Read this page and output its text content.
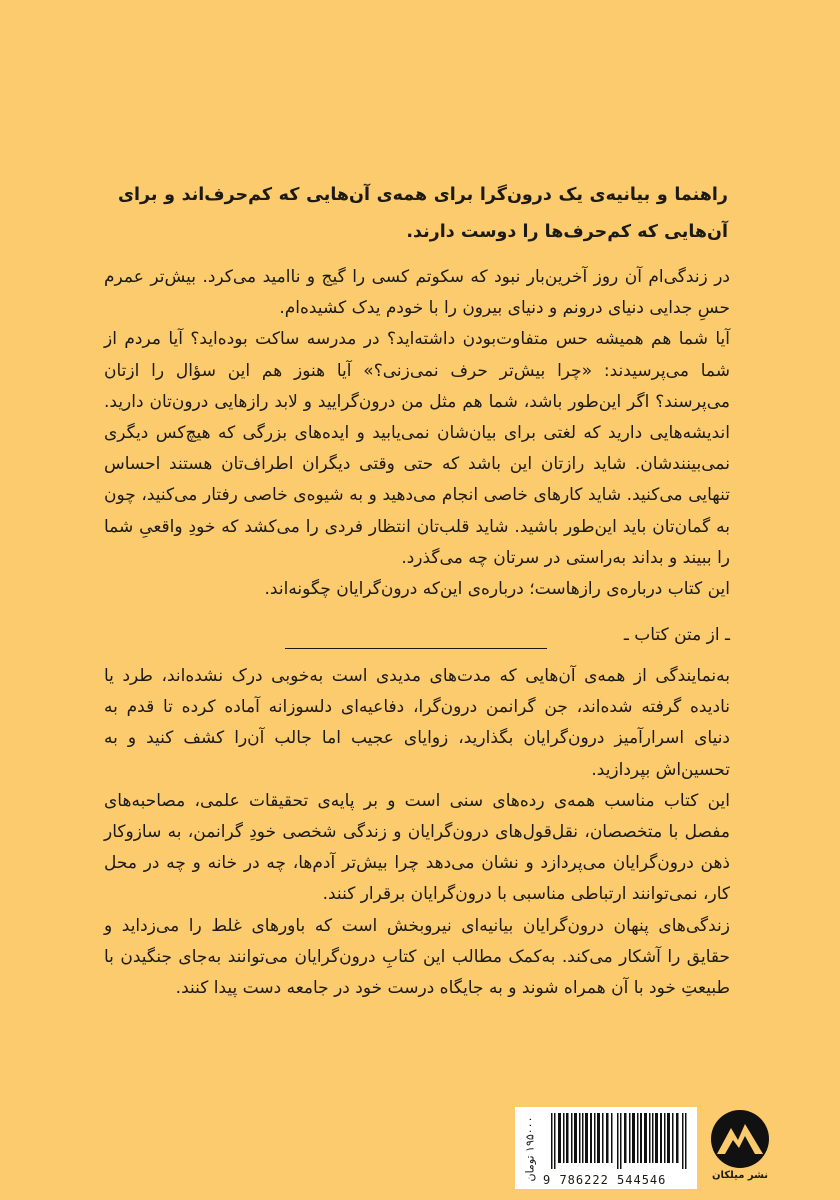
راهنما و بیانیه‌ی یک درون‌گرا برای همه‌ی آن‌هایی که کم‌حرف‌اند و برای آن‌هایی که کم‌حرف‌ها را دوست دارند.

در زندگی‌ام آن روز آخرین‌بار نبود که سکوتم کسی را گیج و ناامید می‌کرد. بیش‌تر عمرم حسِ جدایی دنیای درونم و دنیای بیرون را با خودم یدک کشیده‌ام.

آیا شما هم همیشه حس متفاوت‌بودن داشته‌اید؟ در مدرسه ساکت بوده‌اید؟ آیا مردم از شما می‌پرسیدند: «چرا بیش‌تر حرف نمی‌زنی؟» آیا هنوز هم این سؤال را ازتان می‌پرسند؟ اگر این‌طور باشد، شما هم مثل من درون‌گرایید و لابد رازهایی درون‌تان دارید. اندیشه‌هایی دارید که لغتی برای بیان‌شان نمی‌یابید و ایده‌های بزرگی که هیچ‌کس دیگری نمی‌بینندشان. شاید رازتان این باشد که حتی وقتی دیگران اطراف‌تان هستند احساس تنهایی می‌کنید. شاید کارهای خاصی انجام می‌دهید و به شیوه‌ی خاصی رفتار می‌کنید، چون به گمان‌تان باید این‌طور باشید. شاید قلب‌تان انتظار فردی را می‌کشد که خودِ واقعیِ شما را ببیند و بداند به‌راستی در سرتان چه می‌گذرد.

این کتاب درباره‌ی رازهاست؛ درباره‌ی این‌که درون‌گرایان چگونه‌اند.

ـ از متن کتاب ـ

به‌نمایندگی از همه‌ی آن‌هایی که مدت‌های مدیدی است به‌خوبی درک نشده‌اند، طرد یا نادیده گرفته شده‌اند، جن گرانمن درون‌گرا، دفاعیه‌ای دلسوزانه آماده کرده تا قدم به دنیای اسرارآمیز درون‌گرایان بگذارید، زوایای عجیب اما جالب آن‌را کشف کنید و به تحسین‌اش بپردازید.

این کتاب مناسب همه‌ی رده‌های سنی است و بر پایه‌ی تحقیقات علمی، مصاحبه‌های مفصل با متخصصان، نقل‌قول‌های درون‌گرایان و زندگی شخصی خودِ گرانمن، به سازوکار ذهن درون‌گرایان می‌پردازد و نشان می‌دهد چرا بیش‌تر آدم‌ها، چه در خانه و چه در محل کار، نمی‌توانند ارتباطی مناسبی با درون‌گرایان برقرار کنند.

زندگی‌های پنهان درون‌گرایان بیانیه‌ای نیروبخش است که باورهای غلط را می‌زداید و حقایق را آشکار می‌کند. به‌کمک مطالب این کتابِ درون‌گرایان می‌توانند به‌جای جنگیدن با طبیعتِ خود با آن همراه شوند و به جایگاه درست خود در جامعه دست پیدا کنند.

۱۹۵۰۰۰ تومان
9 786222 544546	نشر میلکان
